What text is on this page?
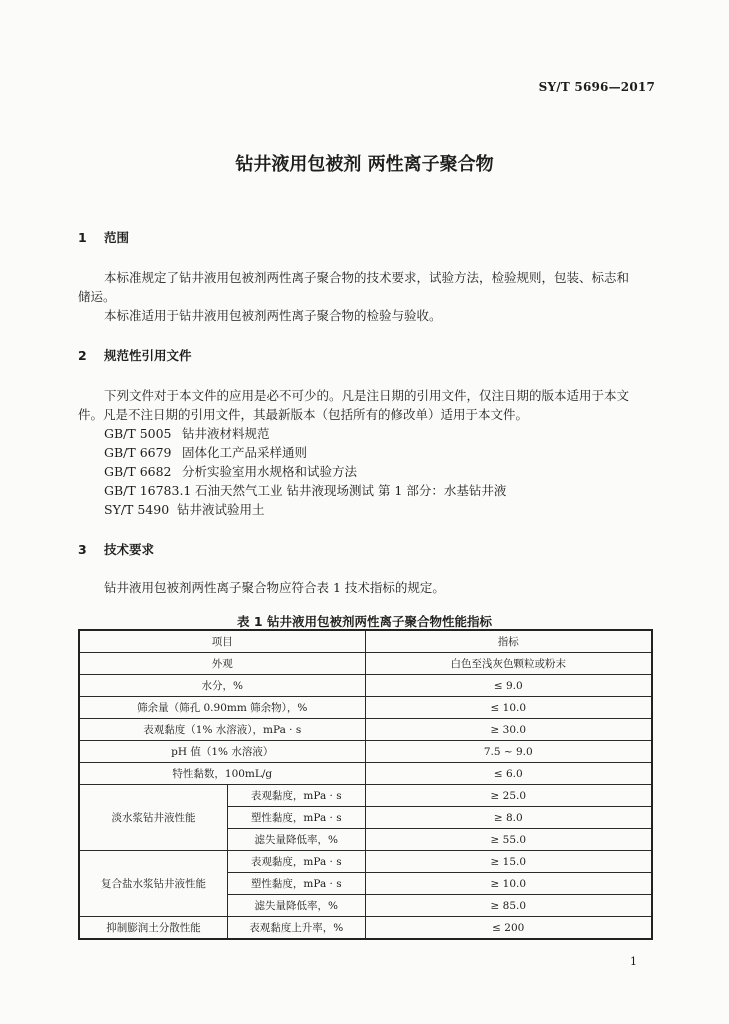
SY/T 5696—2017
钻井液用包被剂 两性离子聚合物
1 范围
本标准规定了钻井液用包被剂两性离子聚合物的技术要求，试验方法，检验规则，包装、标志和
储运。
本标准适用于钻井液用包被剂两性离子聚合物的检验与验收。
2 规范性引用文件
下列文件对于本文件的应用是必不可少的。凡是注日期的引用文件，仅注日期的版本适用于本文
件。凡是不注日期的引用文件，其最新版本（包括所有的修改单）适用于本文件。
GB/T 5005 钻井液材料规范
GB/T 6679 固体化工产品采样通则
GB/T 6682 分析实验室用水规格和试验方法
GB/T 16783.1 石油天然气工业 钻井液现场测试 第 1 部分：水基钻井液
SY/T 5490 钻井液试验用土
3 技术要求
钻井液用包被剂两性离子聚合物应符合表 1 技术指标的规定。
表 1 钻井液用包被剂两性离子聚合物性能指标
项目		指标
外观		白色至浅灰色颗粒或粉末
水分，%		≤ 9.0
筛余量（筛孔 0.90mm 筛余物），%		≤ 10.0
表观黏度（1% 水溶液），mPa · s		≥ 30.0
pH 值（1% 水溶液）		7.5 ~ 9.0
特性黏数，100mL/g		≤ 6.0
淡水浆钻井液性能	表观黏度，mPa · s	≥ 25.0
	塑性黏度，mPa · s	≥ 8.0
	滤失量降低率，%	≥ 55.0
复合盐水浆钻井液性能	表观黏度，mPa · s	≥ 15.0
	塑性黏度，mPa · s	≥ 10.0
	滤失量降低率，%	≥ 85.0
抑制膨润土分散性能	表观黏度上升率，%	≤ 200
1
